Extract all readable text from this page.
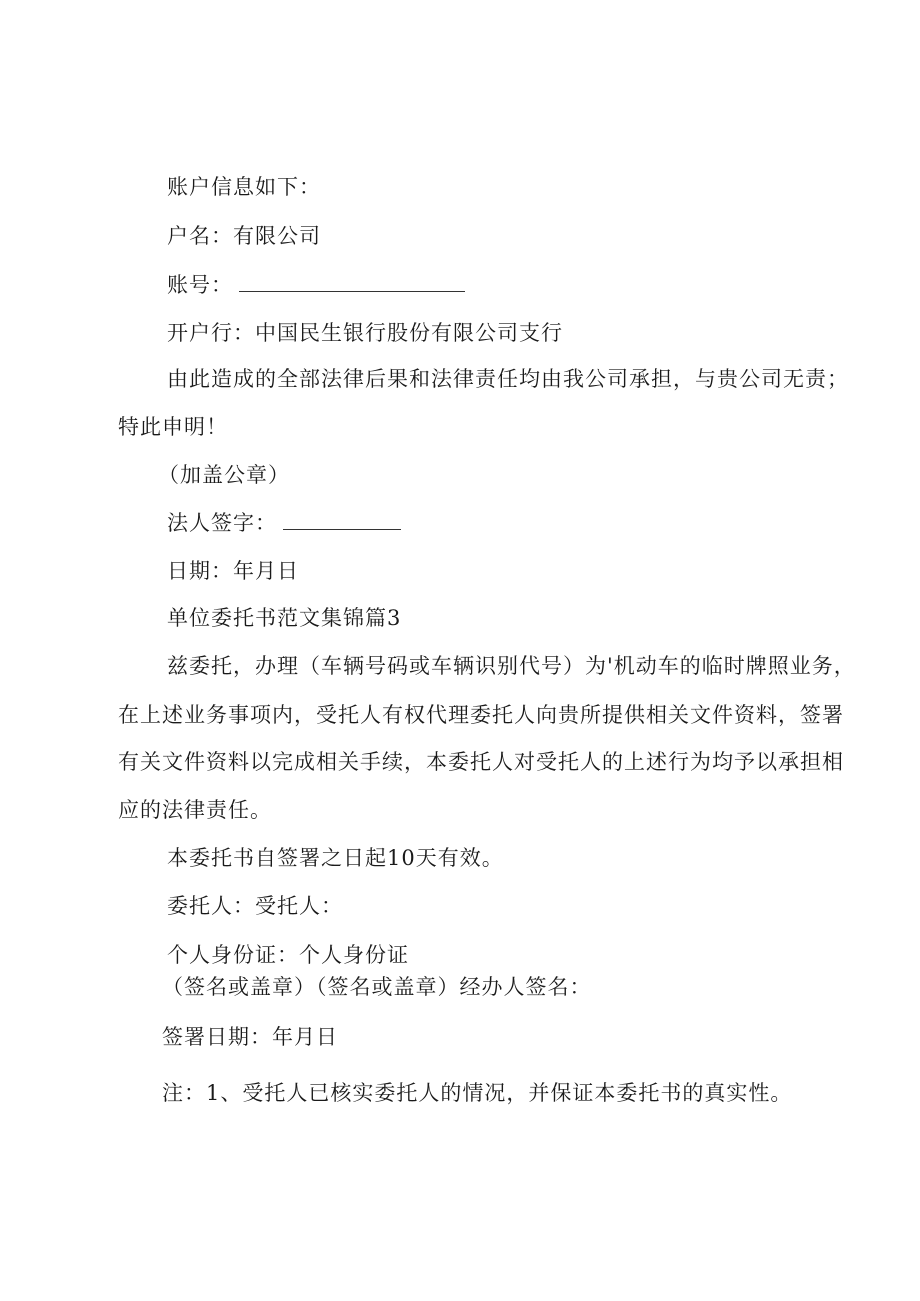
账户信息如下：
户名：有限公司
账号：
开户行：中国民生银行股份有限公司支行
由此造成的全部法律后果和法律责任均由我公司承担，与贵公司无责；
特此申明！
（加盖公章）
法人签字：
日期：年月日
单位委托书范文集锦篇3
兹委托，办理（车辆号码或车辆识别代号）为'机动车的临时牌照业务，
在上述业务事项内，受托人有权代理委托人向贵所提供相关文件资料，签署
有关文件资料以完成相关手续，本委托人对受托人的上述行为均予以承担相
应的法律责任。
本委托书自签署之日起10天有效。
委托人：受托人：
个人身份证：个人身份证
（签名或盖章）（签名或盖章）经办人签名：
签署日期：年月日
注：1、受托人已核实委托人的情况，并保证本委托书的真实性。
